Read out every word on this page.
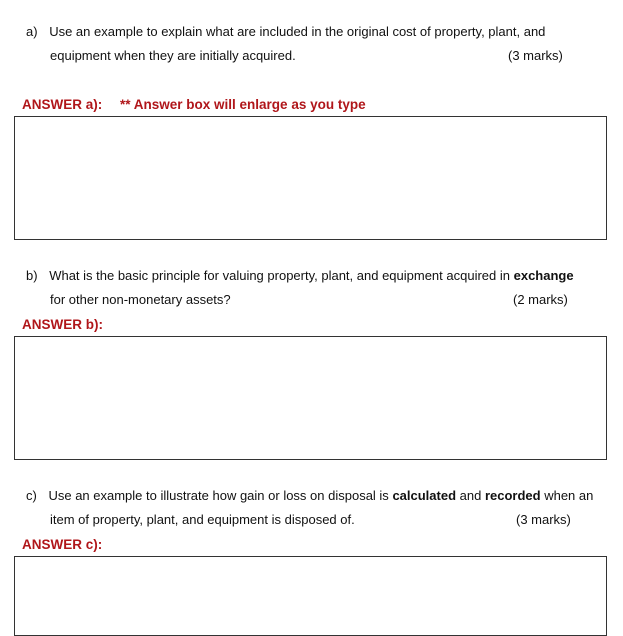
a) Use an example to explain what are included in the original cost of property, plant, and
equipment when they are initially acquired.	(3 marks)
ANSWER a): ** Answer box will enlarge as you type
b) What is the basic principle for valuing property, plant, and equipment acquired in exchange
for other non-monetary assets?	(2 marks)
ANSWER b):
c) Use an example to illustrate how gain or loss on disposal is calculated and recorded when an
item of property, plant, and equipment is disposed of.	(3 marks)
ANSWER c):
